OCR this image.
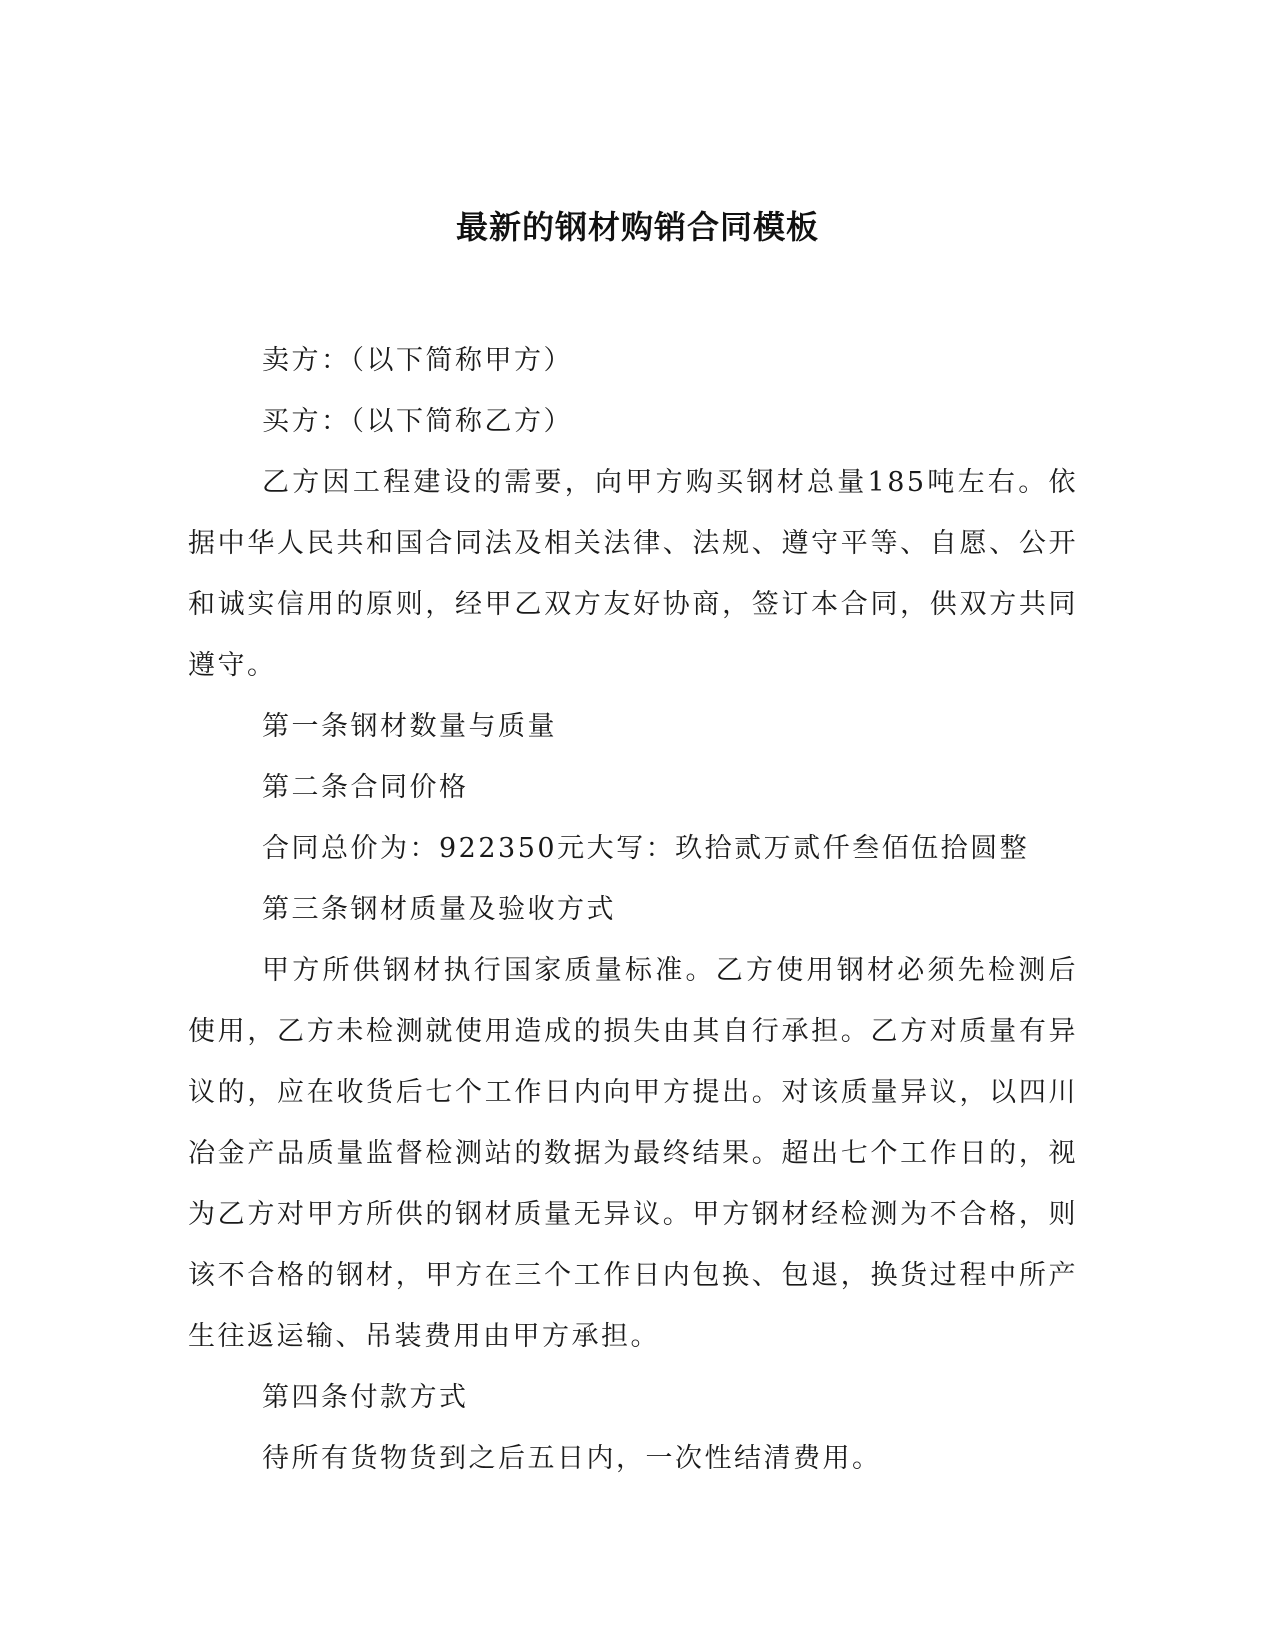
最新的钢材购销合同模板

卖方：（以下简称甲方）

买方：（以下简称乙方）

乙方因工程建设的需要，向甲方购买钢材总量185吨左右。依据中华人民共和国合同法及相关法律、法规、遵守平等、自愿、公开和诚实信用的原则，经甲乙双方友好协商，签订本合同，供双方共同遵守。

第一条钢材数量与质量

第二条合同价格

合同总价为：922350元大写：玖拾贰万贰仟叁佰伍拾圆整

第三条钢材质量及验收方式

甲方所供钢材执行国家质量标准。乙方使用钢材必须先检测后使用，乙方未检测就使用造成的损失由其自行承担。乙方对质量有异议的，应在收货后七个工作日内向甲方提出。对该质量异议，以四川冶金产品质量监督检测站的数据为最终结果。超出七个工作日的，视为乙方对甲方所供的钢材质量无异议。甲方钢材经检测为不合格，则该不合格的钢材，甲方在三个工作日内包换、包退，换货过程中所产生往返运输、吊装费用由甲方承担。

第四条付款方式

待所有货物货到之后五日内，一次性结清费用。
